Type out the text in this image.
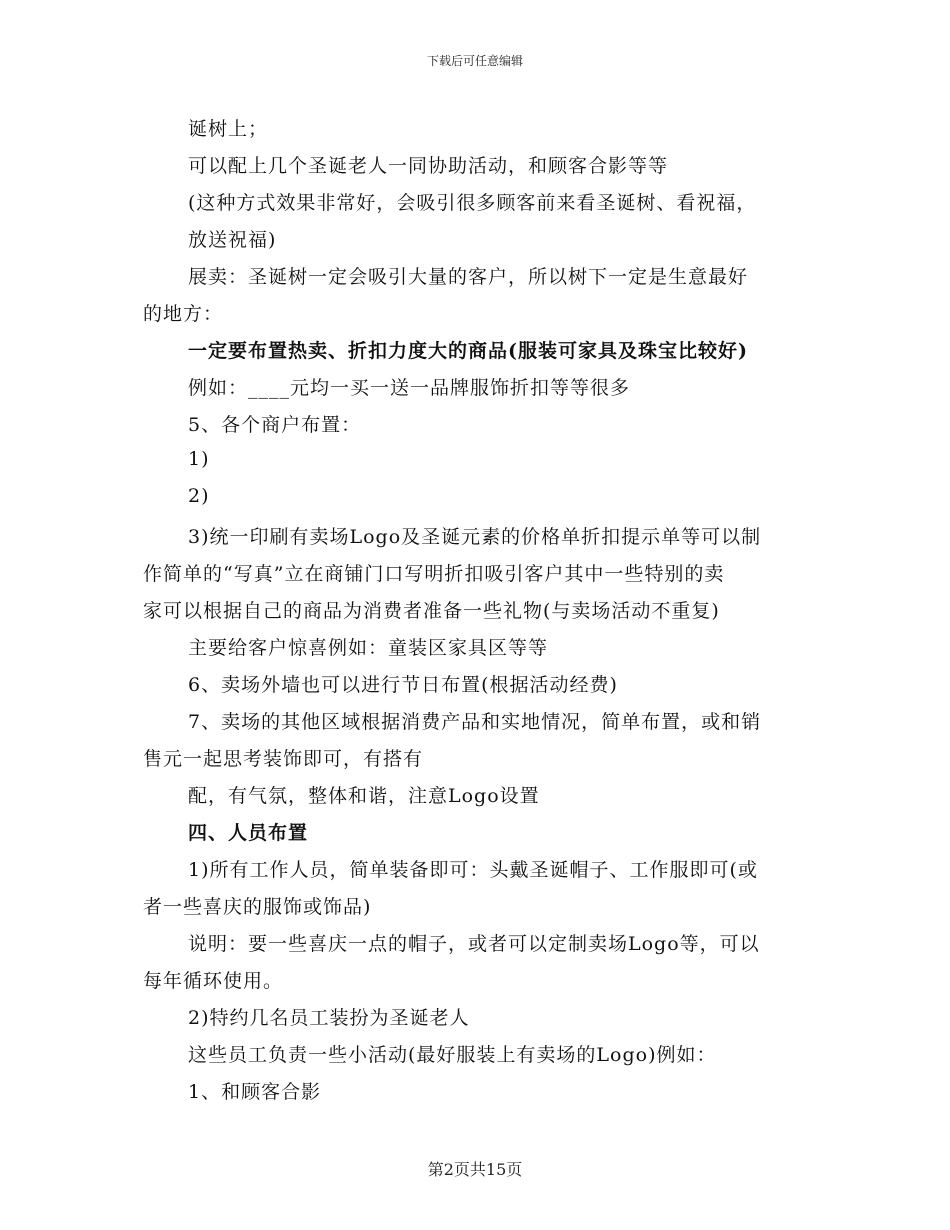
下载后可任意编辑
诞树上；
可以配上几个圣诞老人一同协助活动，和顾客合影等等
(这种方式效果非常好，会吸引很多顾客前来看圣诞树、看祝福，
放送祝福)
展卖：圣诞树一定会吸引大量的客户，所以树下一定是生意最好
的地方：
一定要布置热卖、折扣力度大的商品(服装可家具及珠宝比较好)
例如：____元均一买一送一品牌服饰折扣等等很多
5、各个商户布置：
1)
2)
3)统一印刷有卖场Logo及圣诞元素的价格单折扣提示单等可以制
作简单的“写真”立在商铺门口写明折扣吸引客户其中一些特别的卖
家可以根据自己的商品为消费者准备一些礼物(与卖场活动不重复)
主要给客户惊喜例如：童装区家具区等等
6、卖场外墙也可以进行节日布置(根据活动经费)
7、卖场的其他区域根据消费产品和实地情况，简单布置，或和销
售元一起思考装饰即可，有搭有
配，有气氛，整体和谐，注意Logo设置
四、人员布置
1)所有工作人员，简单装备即可：头戴圣诞帽子、工作服即可(或
者一些喜庆的服饰或饰品)
说明：要一些喜庆一点的帽子，或者可以定制卖场Logo等，可以
每年循环使用。
2)特约几名员工装扮为圣诞老人
这些员工负责一些小活动(最好服装上有卖场的Logo)例如：
1、和顾客合影
第2页共15页
